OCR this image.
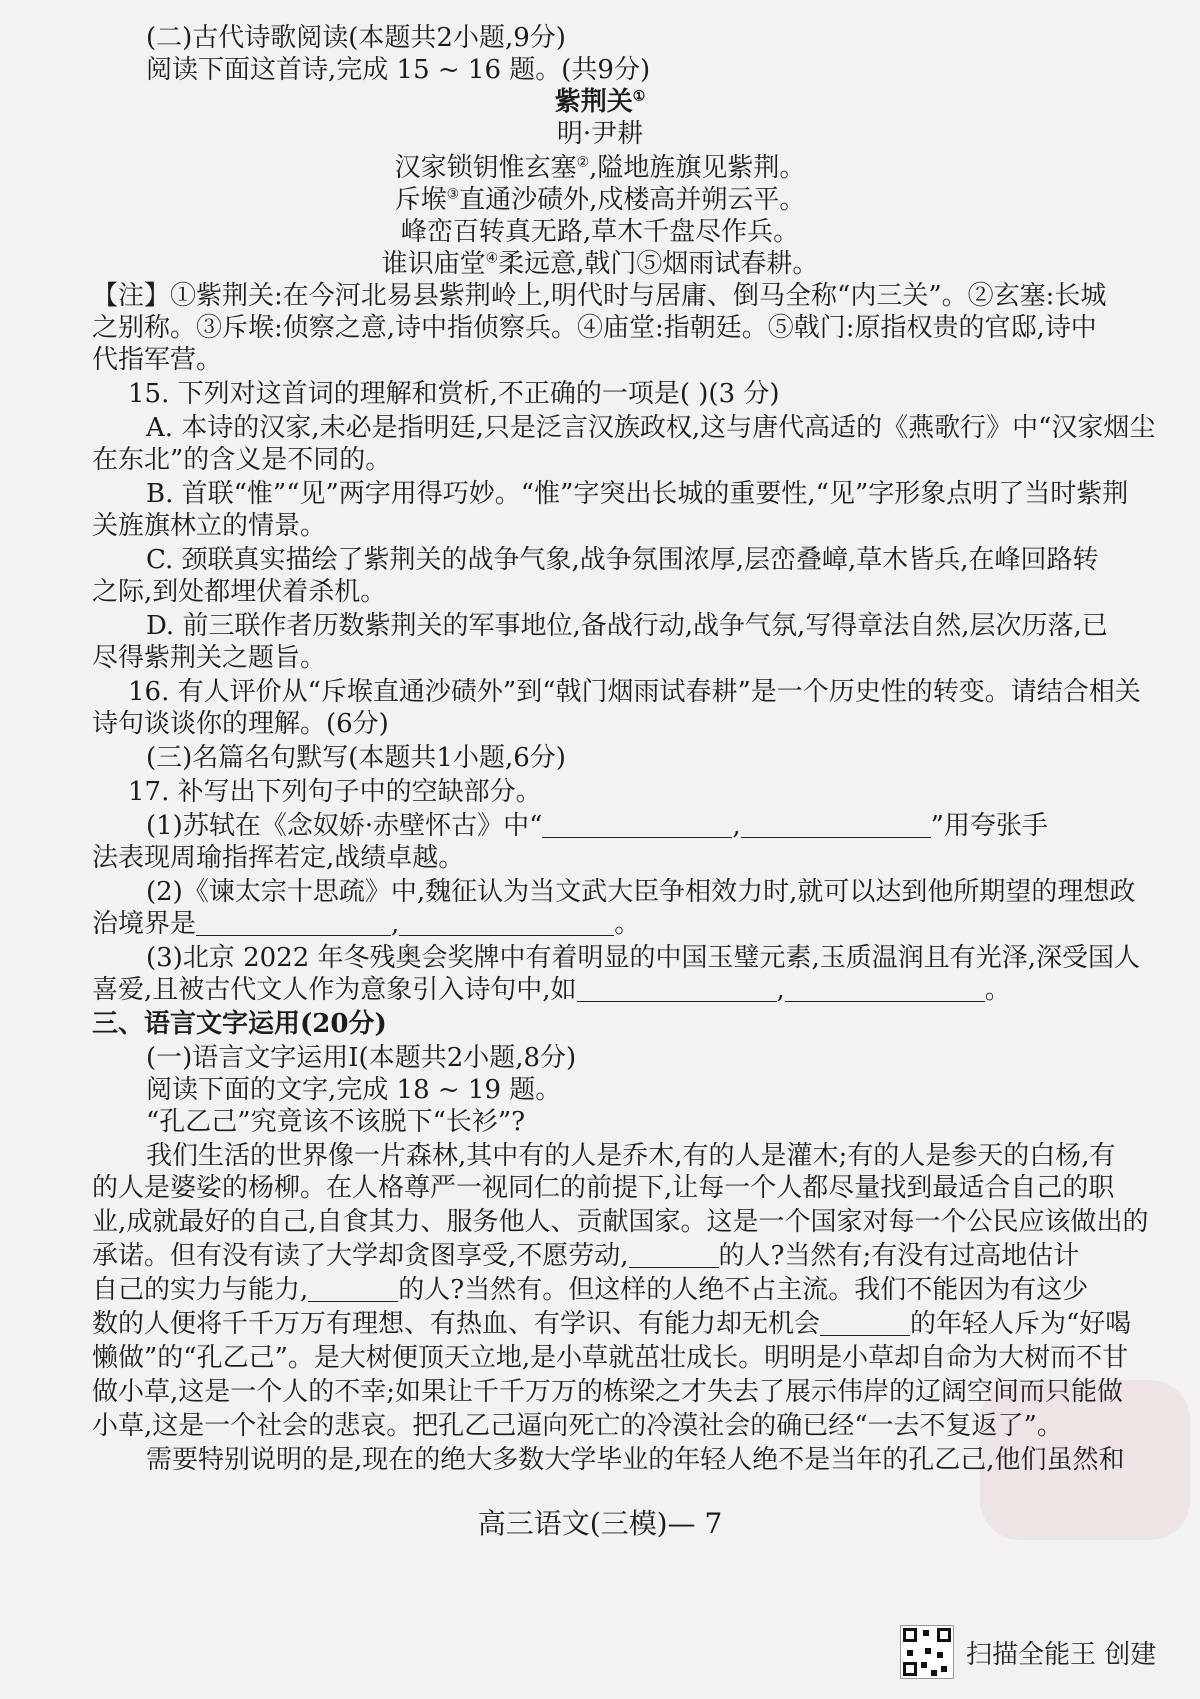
(二)古代诗歌阅读(本题共2小题,9分)
阅读下面这首诗,完成 15 ~ 16 题。(共9分)
紫荆关①
明·尹耕
汉家锁钥惟玄塞②,隘地旌旗见紫荆。
斥堠③直通沙碛外,戍楼高并朔云平。
峰峦百转真无路,草木千盘尽作兵。
谁识庙堂④柔远意,戟门⑤烟雨试春耕。
【注】①紫荆关:在今河北易县紫荆岭上,明代时与居庸、倒马全称“内三关”。②玄塞:长城
之别称。③斥堠:侦察之意,诗中指侦察兵。④庙堂:指朝廷。⑤戟门:原指权贵的官邸,诗中
代指军营。
15. 下列对这首词的理解和赏析,不正确的一项是( )(3 分)
A. 本诗的汉家,未必是指明廷,只是泛言汉族政权,这与唐代高适的《燕歌行》中“汉家烟尘
在东北”的含义是不同的。
B. 首联“惟”“见”两字用得巧妙。“惟”字突出长城的重要性,“见”字形象点明了当时紫荆
关旌旗林立的情景。
C. 颈联真实描绘了紫荆关的战争气象,战争氛围浓厚,层峦叠嶂,草木皆兵,在峰回路转
之际,到处都埋伏着杀机。
D. 前三联作者历数紫荆关的军事地位,备战行动,战争气氛,写得章法自然,层次历落,已
尽得紫荆关之题旨。
16. 有人评价从“斥堠直通沙碛外”到“戟门烟雨试春耕”是一个历史性的转变。请结合相关
诗句谈谈你的理解。(6分)
(三)名篇名句默写(本题共1小题,6分)
17. 补写出下列句子中的空缺部分。
(1)苏轼在《念奴娇·赤壁怀古》中“	,	”用夸张手
法表现周瑜指挥若定,战绩卓越。
(2)《谏太宗十思疏》中,魏征认为当文武大臣争相效力时,就可以达到他所期望的理想政
治境界是	,	。
(3)北京 2022 年冬残奥会奖牌中有着明显的中国玉璧元素,玉质温润且有光泽,深受国人
喜爱,且被古代文人作为意象引入诗句中,如	,	。
三、语言文字运用(20分)
(一)语言文字运用Ⅰ(本题共2小题,8分)
阅读下面的文字,完成 18 ~ 19 题。
“孔乙己”究竟该不该脱下“长衫”?
我们生活的世界像一片森林,其中有的人是乔木,有的人是灌木;有的人是参天的白杨,有
的人是婆娑的杨柳。在人格尊严一视同仁的前提下,让每一个人都尽量找到最适合自己的职
业,成就最好的自己,自食其力、服务他人、贡献国家。这是一个国家对每一个公民应该做出的
承诺。但有没有读了大学却贪图享受,不愿劳动,	的人?当然有;有没有过高地估计
自己的实力与能力,	的人?当然有。但这样的人绝不占主流。我们不能因为有这少
数的人便将千千万万有理想、有热血、有学识、有能力却无机会	的年轻人斥为“好喝
懒做”的“孔乙己”。是大树便顶天立地,是小草就茁壮成长。明明是小草却自命为大树而不甘
做小草,这是一个人的不幸;如果让千千万万的栋梁之才失去了展示伟岸的辽阔空间而只能做
小草,这是一个社会的悲哀。把孔乙己逼向死亡的冷漠社会的确已经“一去不复返了”。
需要特别说明的是,现在的绝大多数大学毕业的年轻人绝不是当年的孔乙己,他们虽然和
高三语文(三模)— 7
扫描全能王 创建
